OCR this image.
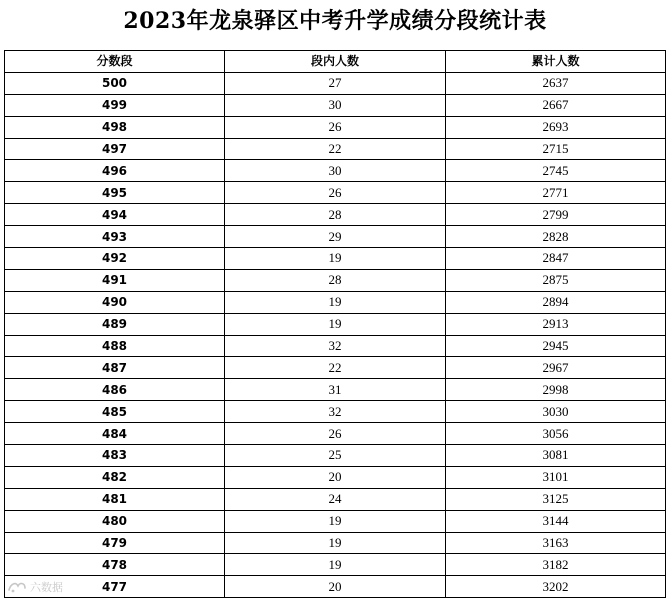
2023年龙泉驿区中考升学成绩分段统计表
分数段	段内人数	累计人数
500	27	2637
499	30	2667
498	26	2693
497	22	2715
496	30	2745
495	26	2771
494	28	2799
493	29	2828
492	19	2847
491	28	2875
490	19	2894
489	19	2913
488	32	2945
487	22	2967
486	31	2998
485	32	3030
484	26	3056
483	25	3081
482	20	3101
481	24	3125
480	19	3144
479	19	3163
478	19	3182
477	20	3202
六数据
